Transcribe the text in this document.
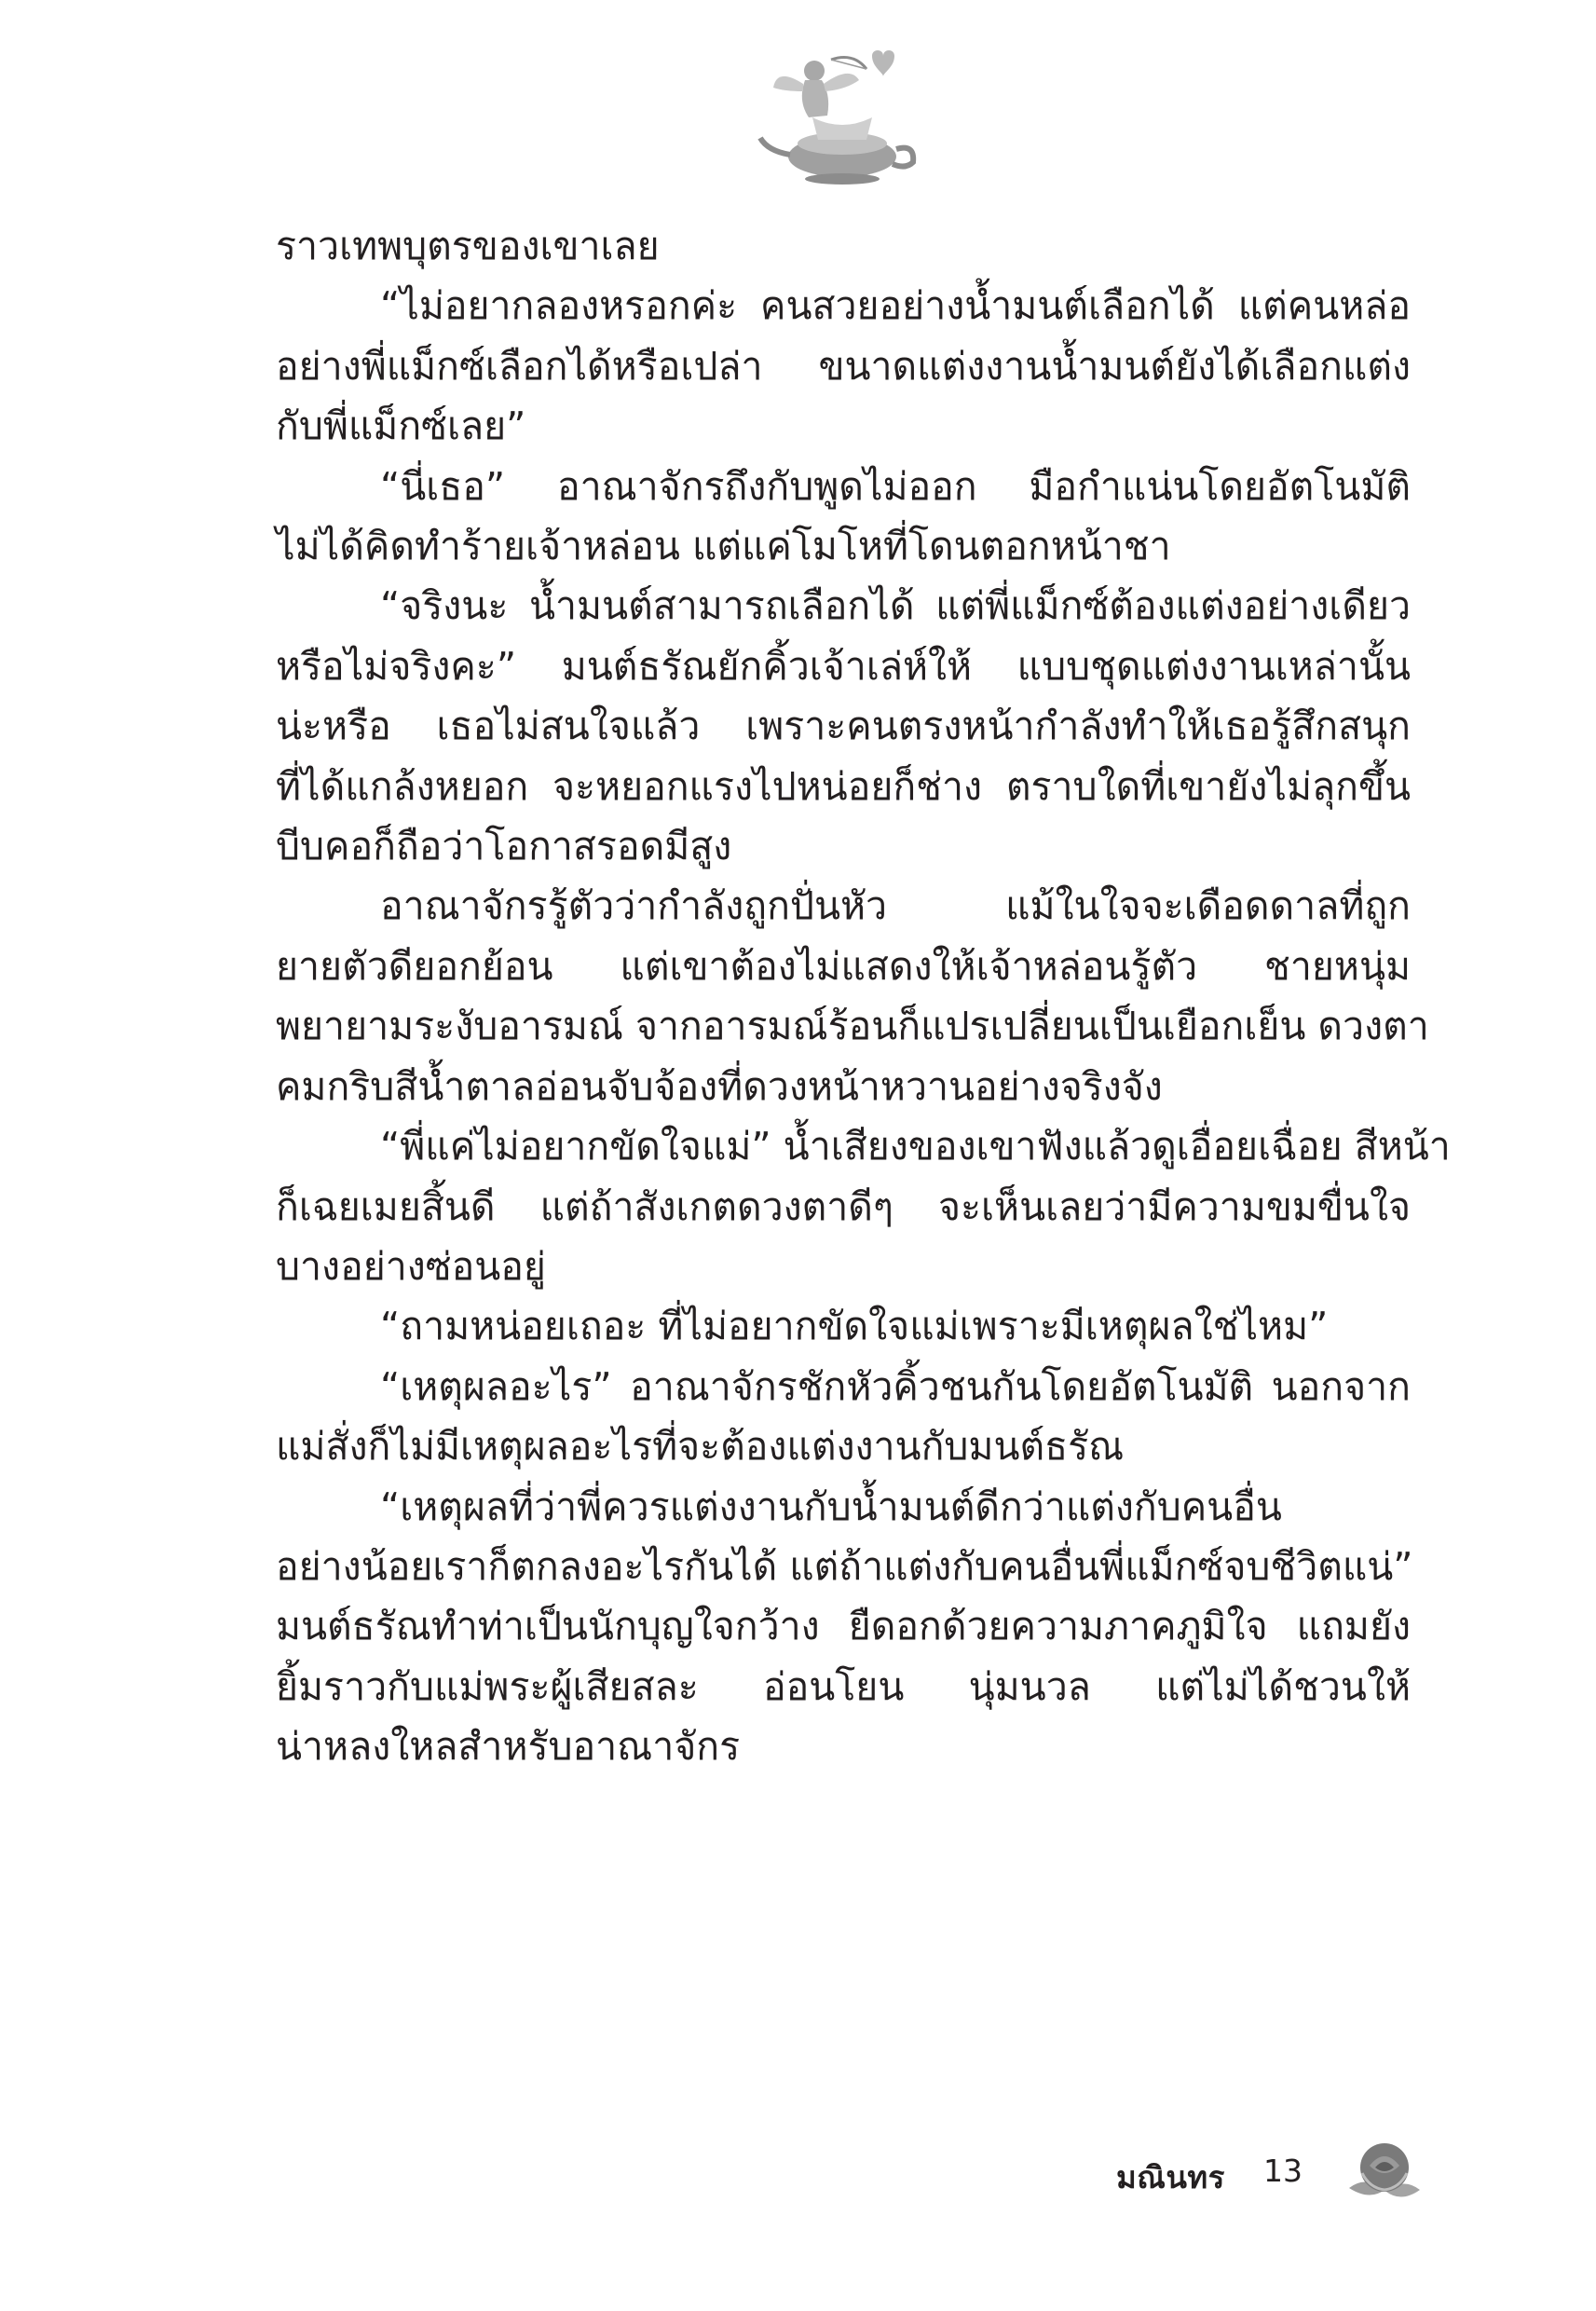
ราวเทพบุตรของเขาเลย

“ไม่อยากลองหรอกค่ะ คนสวยอย่างน้ำมนต์เลือกได้ แต่คนหล่อ

อย่างพี่แม็กซ์เลือกได้หรือเปล่า ขนาดแต่งงานน้ำมนต์ยังได้เลือกแต่ง

กับพี่แม็กซ์เลย”

“นี่เธอ” อาณาจักรถึงกับพูดไม่ออก มือกำแน่นโดยอัตโนมัติ

ไม่ได้คิดทำร้ายเจ้าหล่อน แต่แค่โมโหที่โดนตอกหน้าชา

“จริงนะ น้ำมนต์สามารถเลือกได้ แต่พี่แม็กซ์ต้องแต่งอย่างเดียว

หรือไม่จริงคะ” มนต์ธรัณยักคิ้วเจ้าเล่ห์ให้ แบบชุดแต่งงานเหล่านั้น

น่ะหรือ เธอไม่สนใจแล้ว เพราะคนตรงหน้ากำลังทำให้เธอรู้สึกสนุก

ที่ได้แกล้งหยอก จะหยอกแรงไปหน่อยก็ช่าง ตราบใดที่เขายังไม่ลุกขึ้น

บีบคอก็ถือว่าโอกาสรอดมีสูง

อาณาจักรรู้ตัวว่ากำลังถูกปั่นหัว แม้ในใจจะเดือดดาลที่ถูก

ยายตัวดียอกย้อน แต่เขาต้องไม่แสดงให้เจ้าหล่อนรู้ตัว ชายหนุ่ม

พยายามระงับอารมณ์ จากอารมณ์ร้อนก็แปรเปลี่ยนเป็นเยือกเย็น ดวงตา

คมกริบสีน้ำตาลอ่อนจับจ้องที่ดวงหน้าหวานอย่างจริงจัง

“พี่แค่ไม่อยากขัดใจแม่” น้ำเสียงของเขาฟังแล้วดูเอื่อยเฉื่อย สีหน้า

ก็เฉยเมยสิ้นดี แต่ถ้าสังเกตดวงตาดีๆ จะเห็นเลยว่ามีความขมขื่นใจ

บางอย่างซ่อนอยู่

“ถามหน่อยเถอะ ที่ไม่อยากขัดใจแม่เพราะมีเหตุผลใช่ไหม”

“เหตุผลอะไร” อาณาจักรชักหัวคิ้วชนกันโดยอัตโนมัติ นอกจาก

แม่สั่งก็ไม่มีเหตุผลอะไรที่จะต้องแต่งงานกับมนต์ธรัณ

“เหตุผลที่ว่าพี่ควรแต่งงานกับน้ำมนต์ดีกว่าแต่งกับคนอื่น

อย่างน้อยเราก็ตกลงอะไรกันได้ แต่ถ้าแต่งกับคนอื่นพี่แม็กซ์จบชีวิตแน่”

มนต์ธรัณทำท่าเป็นนักบุญใจกว้าง ยืดอกด้วยความภาคภูมิใจ แถมยัง

ยิ้มราวกับแม่พระผู้เสียสละ อ่อนโยน นุ่มนวล แต่ไม่ได้ชวนให้

น่าหลงใหลสำหรับอาณาจักร

มณินทร 13
